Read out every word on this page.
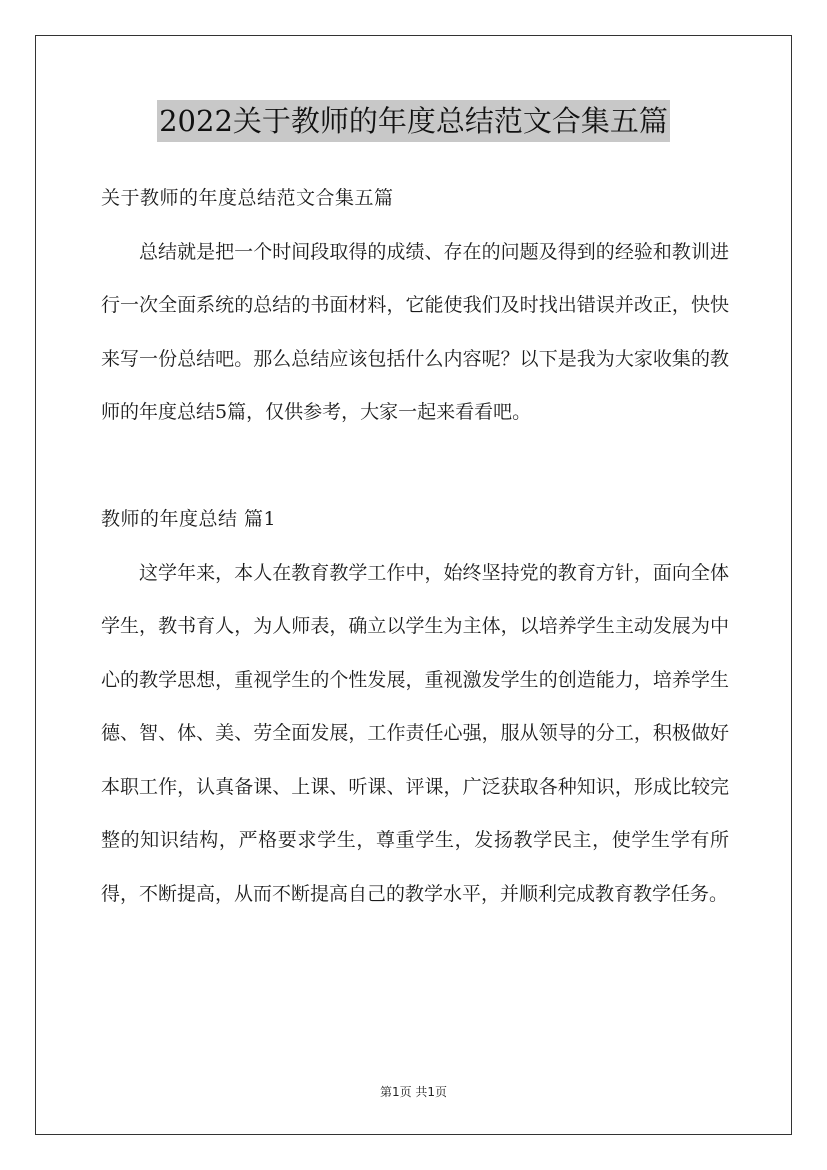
2022关于教师的年度总结范文合集五篇

关于教师的年度总结范文合集五篇

总结就是把一个时间段取得的成绩、存在的问题及得到的经验和教训进行一次全面系统的总结的书面材料，它能使我们及时找出错误并改正，快快来写一份总结吧。那么总结应该包括什么内容呢？以下是我为大家收集的教师的年度总结5篇，仅供参考，大家一起来看看吧。

教师的年度总结 篇1

这学年来，本人在教育教学工作中，始终坚持党的教育方针，面向全体学生，教书育人，为人师表，确立以学生为主体，以培养学生主动发展为中心的教学思想，重视学生的个性发展，重视激发学生的创造能力，培养学生德、智、体、美、劳全面发展，工作责任心强，服从领导的分工，积极做好本职工作，认真备课、上课、听课、评课，广泛获取各种知识，形成比较完整的知识结构，严格要求学生，尊重学生，发扬教学民主，使学生学有所得，不断提高，从而不断提高自己的教学水平，并顺利完成教育教学任务。

第1页 共1页
